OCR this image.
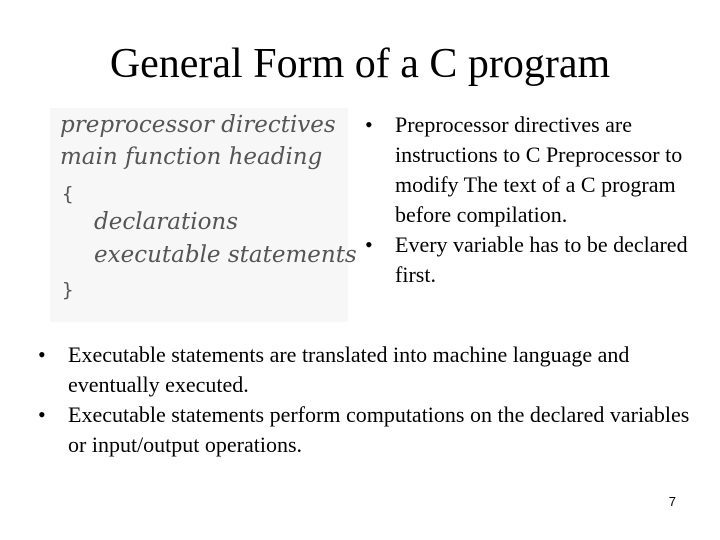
General Form of a C program
preprocessor directives
main function heading
{
declarations
executable statements
}
• Preprocessor directives are instructions to C Preprocessor to modify The text of a C program before compilation.
• Every variable has to be declared first.
• Executable statements are translated into machine language and eventually executed.
• Executable statements perform computations on the declared variables or input/output operations.
7
